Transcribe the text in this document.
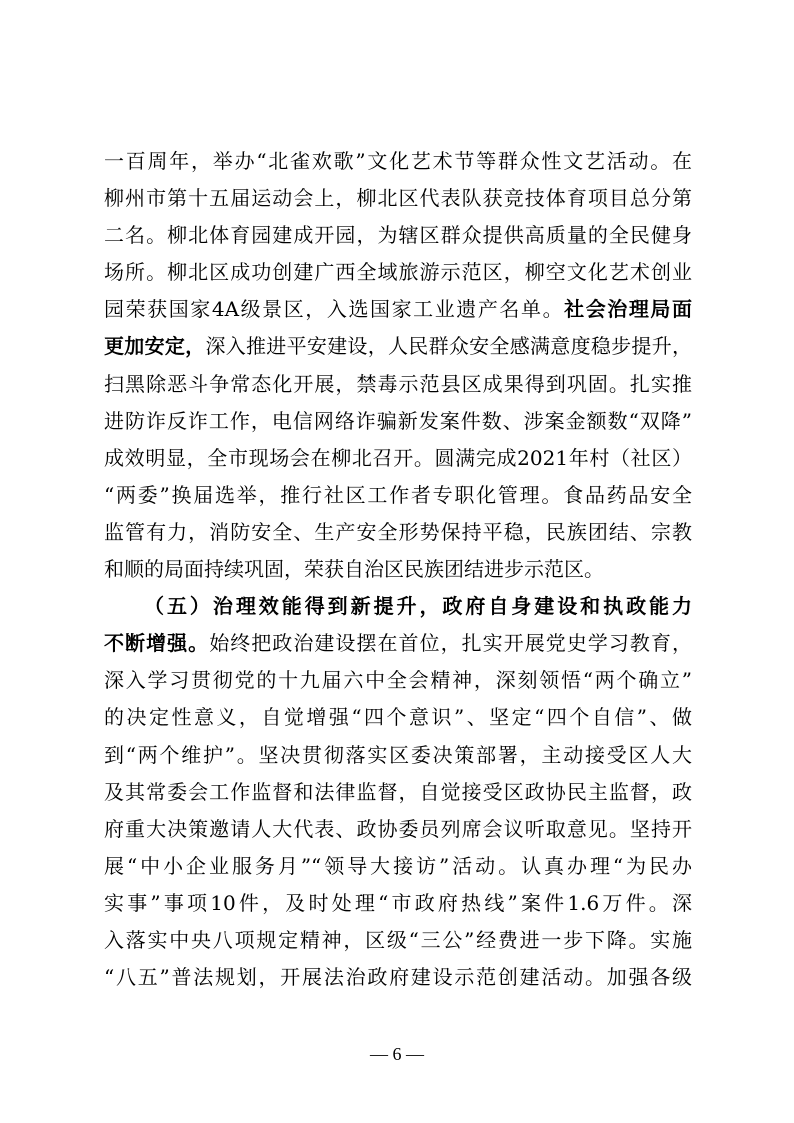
一百周年，举办“北雀欢歌”文化艺术节等群众性文艺活动。在
柳州市第十五届运动会上，柳北区代表队获竞技体育项目总分第
二名。柳北体育园建成开园，为辖区群众提供高质量的全民健身
场所。柳北区成功创建广西全域旅游示范区，柳空文化艺术创业
园荣获国家4A级景区，入选国家工业遗产名单。社会治理局面
更加安定，深入推进平安建设，人民群众安全感满意度稳步提升，
扫黑除恶斗争常态化开展，禁毒示范县区成果得到巩固。扎实推
进防诈反诈工作，电信网络诈骗新发案件数、涉案金额数“双降”
成效明显，全市现场会在柳北召开。圆满完成2021年村（社区）
“两委”换届选举，推行社区工作者专职化管理。食品药品安全
监管有力，消防安全、生产安全形势保持平稳，民族团结、宗教
和顺的局面持续巩固，荣获自治区民族团结进步示范区。
（五）治理效能得到新提升，政府自身建设和执政能力
不断增强。始终把政治建设摆在首位，扎实开展党史学习教育，
深入学习贯彻党的十九届六中全会精神，深刻领悟“两个确立”
的决定性意义，自觉增强“四个意识”、坚定“四个自信”、做
到“两个维护”。坚决贯彻落实区委决策部署，主动接受区人大
及其常委会工作监督和法律监督，自觉接受区政协民主监督，政
府重大决策邀请人大代表、政协委员列席会议听取意见。坚持开
展“中小企业服务月”“领导大接访”活动。认真办理“为民办
实事”事项10件，及时处理“市政府热线”案件1.6万件。深
入落实中央八项规定精神，区级“三公”经费进一步下降。实施
“八五”普法规划，开展法治政府建设示范创建活动。加强各级
— 6 —
